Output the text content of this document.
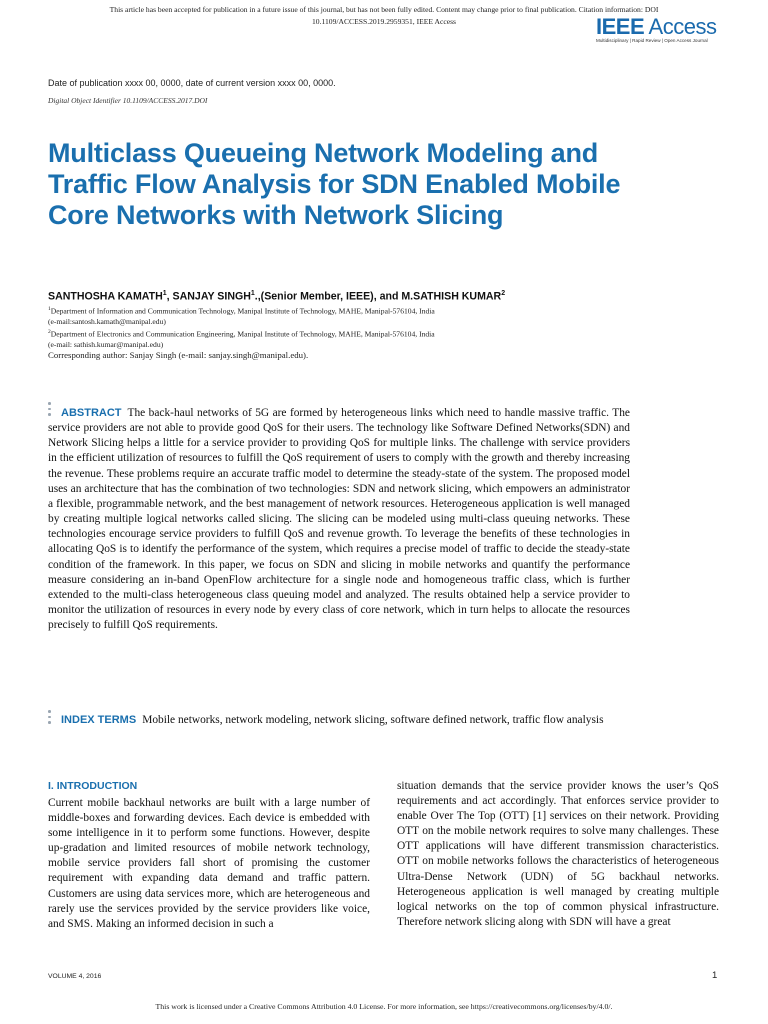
This article has been accepted for publication in a future issue of this journal, but has not been fully edited. Content may change prior to final publication. Citation information: DOI
10.1109/ACCESS.2019.2959351, IEEE Access	IEEE Access
Multidisciplinary | Rapid Review | Open Access Journal
Date of publication xxxx 00, 0000, date of current version xxxx 00, 0000.
Digital Object Identifier 10.1109/ACCESS.2017.DOI
Multiclass Queueing Network Modeling and Traffic Flow Analysis for SDN Enabled Mobile Core Networks with Network Slicing
SANTHOSHA KAMATH$^1$, SANJAY SINGH$^1$.,(Senior Member, IEEE), and M.SATHISH KUMAR$^2$
$^1$Department of Information and Communication Technology, Manipal Institute of Technology, MAHE, Manipal-576104, India
(e-mail:santosh.kamath@manipal.edu)
$^2$Department of Electronics and Communication Engineering, Manipal Institute of Technology, MAHE, Manipal-576104, India
(e-mail: sathish.kumar@manipal.edu)
Corresponding author: Sanjay Singh (e-mail: sanjay.singh@manipal.edu).
ABSTRACT The back-haul networks of 5G are formed by heterogeneous links which need to handle massive traffic. The service providers are not able to provide good QoS for their users. The technology like Software Defined Networks(SDN) and Network Slicing helps a little for a service provider to providing QoS for multiple links. The challenge with service providers in the efficient utilization of resources to fulfill the QoS requirement of users to comply with the growth and thereby increasing the revenue. These problems require an accurate traffic model to determine the steady-state of the system. The proposed model uses an architecture that has the combination of two technologies: SDN and network slicing, which empowers an administrator a flexible, programmable network, and the best management of network resources. Heterogeneous application is well managed by creating multiple logical networks called slicing. The slicing can be modeled using multi-class queuing networks. These technologies encourage service providers to fulfill QoS and revenue growth. To leverage the benefits of these technologies in allocating QoS is to identify the performance of the system, which requires a precise model of traffic to decide the steady-state condition of the framework. In this paper, we focus on SDN and slicing in mobile networks and quantify the performance measure considering an in-band OpenFlow architecture for a single node and homogeneous traffic class, which is further extended to the multi-class heterogeneous class queuing model and analyzed. The results obtained help a service provider to monitor the utilization of resources in every node by every class of core network, which in turn helps to allocate the resources precisely to fulfill QoS requirements.
INDEX TERMS Mobile networks, network modeling, network slicing, software defined network, traffic flow analysis
I. INTRODUCTION
Current mobile backhaul networks are built with a large number of middle-boxes and forwarding devices. Each device is embedded with some intelligence in it to perform some functions. However, despite up-gradation and limited resources of mobile network technology, mobile service providers fall short of promising the customer requirement with expanding data demand and traffic pattern. Customers are using data services more, which are heterogeneous and rarely use the services provided by the service providers like voice, and SMS. Making an informed decision in such a
situation demands that the service provider knows the user’s QoS requirements and act accordingly. That enforces service provider to enable Over The Top (OTT) [1] services on their network. Providing OTT on the mobile network requires to solve many challenges. These OTT applications will have different transmission characteristics. OTT on mobile networks follows the characteristics of heterogeneous Ultra-Dense Network (UDN) of 5G backhaul networks. Heterogeneous application is well managed by creating multiple logical networks on the top of common physical infrastructure. Therefore network slicing along with SDN will have a great
VOLUME 4, 2016	1
This work is licensed under a Creative Commons Attribution 4.0 License. For more information, see https://creativecommons.org/licenses/by/4.0/.
